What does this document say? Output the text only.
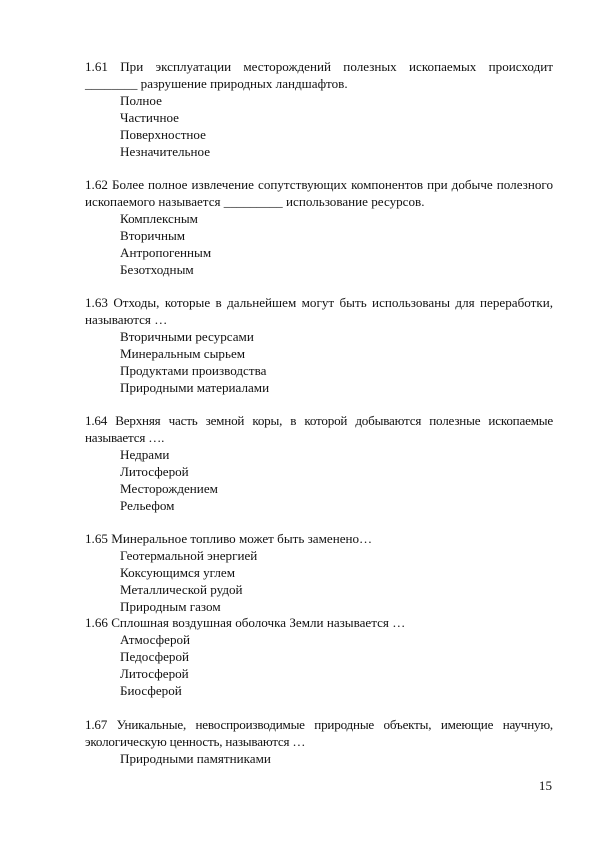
1.61 При эксплуатации месторождений полезных ископаемых происходит ________ разрушение природных ландшафтов.

Полное
Частичное
Поверхностное
Незначительное

1.62 Более полное извлечение сопутствующих компонентов при добыче полезного ископаемого называется _________ использование ресурсов.

Комплексным
Вторичным
Антропогенным
Безотходным

1.63 Отходы, которые в дальнейшем могут быть использованы для переработки, называются …

Вторичными ресурсами
Минеральным сырьем
Продуктами производства
Природными материалами

1.64 Верхняя часть земной коры, в которой добываются полезные ископаемые называется ….

Недрами
Литосферой
Месторождением
Рельефом

1.65 Минеральное топливо может быть заменено…

Геотермальной энергией
Коксующимся углем
Металлической рудой
Природным газом

1.66 Сплошная воздушная оболочка Земли называется …

Атмосферой
Педосферой
Литосферой
Биосферой

1.67 Уникальные, невоспроизводимые природные объекты, имеющие научную, экологическую ценность, называются …

Природными памятниками
15
